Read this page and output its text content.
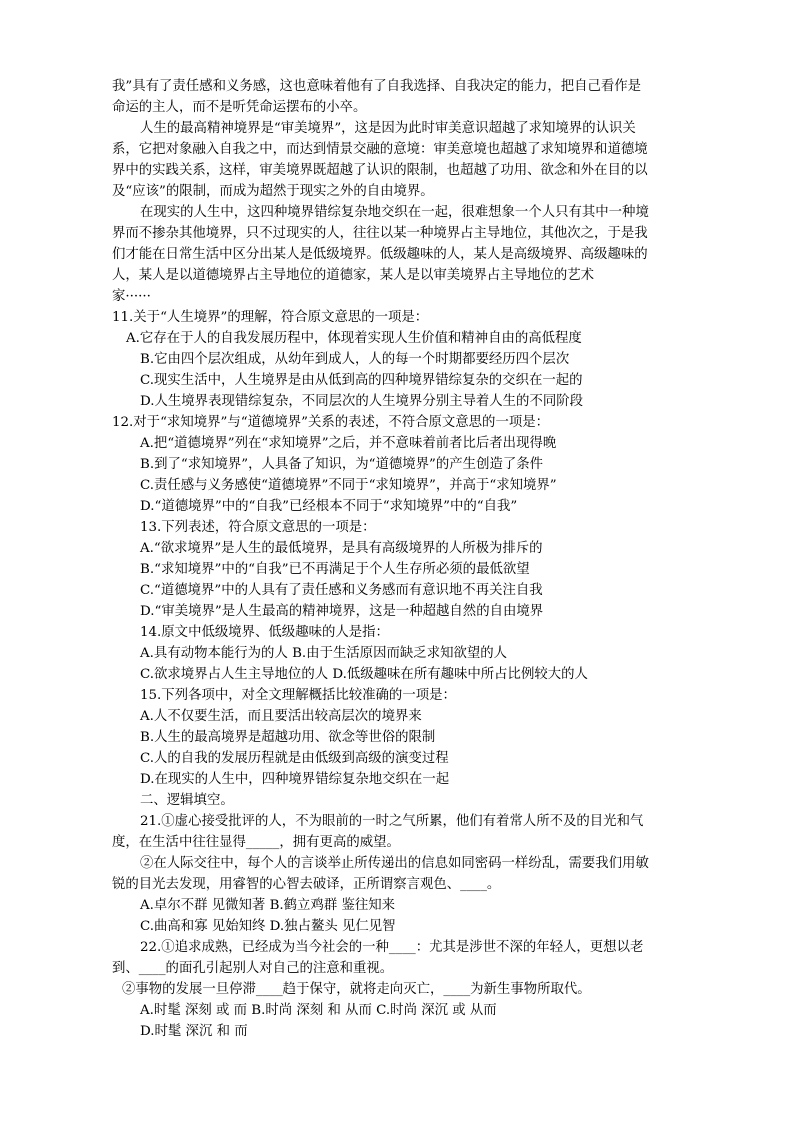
我”具有了责任感和义务感，这也意味着他有了自我选择、自我决定的能力，把自己看作是
命运的主人，而不是听凭命运摆布的小卒。
人生的最高精神境界是“审美境界”，这是因为此时审美意识超越了求知境界的认识关
系，它把对象融入自我之中，而达到情景交融的意境：审美意境也超越了求知境界和道德境
界中的实践关系，这样，审美境界既超越了认识的限制，也超越了功用、欲念和外在目的以
及“应该”的限制，而成为超然于现实之外的自由境界。
在现实的人生中，这四种境界错综复杂地交织在一起，很难想象一个人只有其中一种境
界而不掺杂其他境界，只不过现实的人，往往以某一种境界占主导地位，其他次之，于是我
们才能在日常生活中区分出某人是低级境界。低级趣味的人，某人是高级境界、高级趣味的
人，某人是以道德境界占主导地位的道德家，某人是以审美境界占主导地位的艺术
家······
11.关于“人生境界”的理解，符合原文意思的一项是：
A.它存在于人的自我发展历程中，体现着实现人生价值和精神自由的高低程度
B.它由四个层次组成，从幼年到成人，人的每一个时期都要经历四个层次
C.现实生活中，人生境界是由从低到高的四种境界错综复杂的交织在一起的
D.人生境界表现错综复杂，不同层次的人生境界分别主导着人生的不同阶段
12.对于“求知境界”与“道德境界”关系的表述，不符合原文意思的一项是：
A.把“道德境界”列在“求知境界”之后，并不意味着前者比后者出现得晚
B.到了“求知境界”，人具备了知识，为“道德境界”的产生创造了条件
C.责任感与义务感使“道德境界”不同于“求知境界”，并高于“求知境界”
D.“道德境界”中的“自我”已经根本不同于“求知境界”中的“自我”
13.下列表述，符合原文意思的一项是：
A.“欲求境界”是人生的最低境界，是具有高级境界的人所极为排斥的
B.“求知境界”中的“自我”已不再满足于个人生存所必须的最低欲望
C.“道德境界”中的人具有了责任感和义务感而有意识地不再关注自我
D.“审美境界”是人生最高的精神境界，这是一种超越自然的自由境界
14.原文中低级境界、低级趣味的人是指：
A.具有动物本能行为的人 B.由于生活原因而缺乏求知欲望的人
C.欲求境界占人生主导地位的人 D.低级趣味在所有趣味中所占比例较大的人
15.下列各项中，对全文理解概括比较准确的一项是：
A.人不仅要生活，而且要活出较高层次的境界来
B.人生的最高境界是超越功用、欲念等世俗的限制
C.人的自我的发展历程就是由低级到高级的演变过程
D.在现实的人生中，四种境界错综复杂地交织在一起
二、逻辑填空。
21.①虚心接受批评的人，不为眼前的一时之气所累，他们有着常人所不及的目光和气
度，在生活中往往显得_____，拥有更高的威望。
②在人际交往中，每个人的言谈举止所传递出的信息如同密码一样纷乱，需要我们用敏
锐的目光去发现，用睿智的心智去破译，正所谓察言观色、____。
A.卓尔不群 见微知著 B.鹤立鸡群 鉴往知来
C.曲高和寡 见始知终 D.独占鳌头 见仁见智
22.①追求成熟，已经成为当今社会的一种____：尤其是涉世不深的年轻人，更想以老
到、____的面孔引起别人对自己的注意和重视。
②事物的发展一旦停滞____趋于保守，就将走向灭亡，____为新生事物所取代。
A.时髦 深刻 或 而 B.时尚 深刻 和 从而 C.时尚 深沉 或 从而
D.时髦 深沉 和 而
